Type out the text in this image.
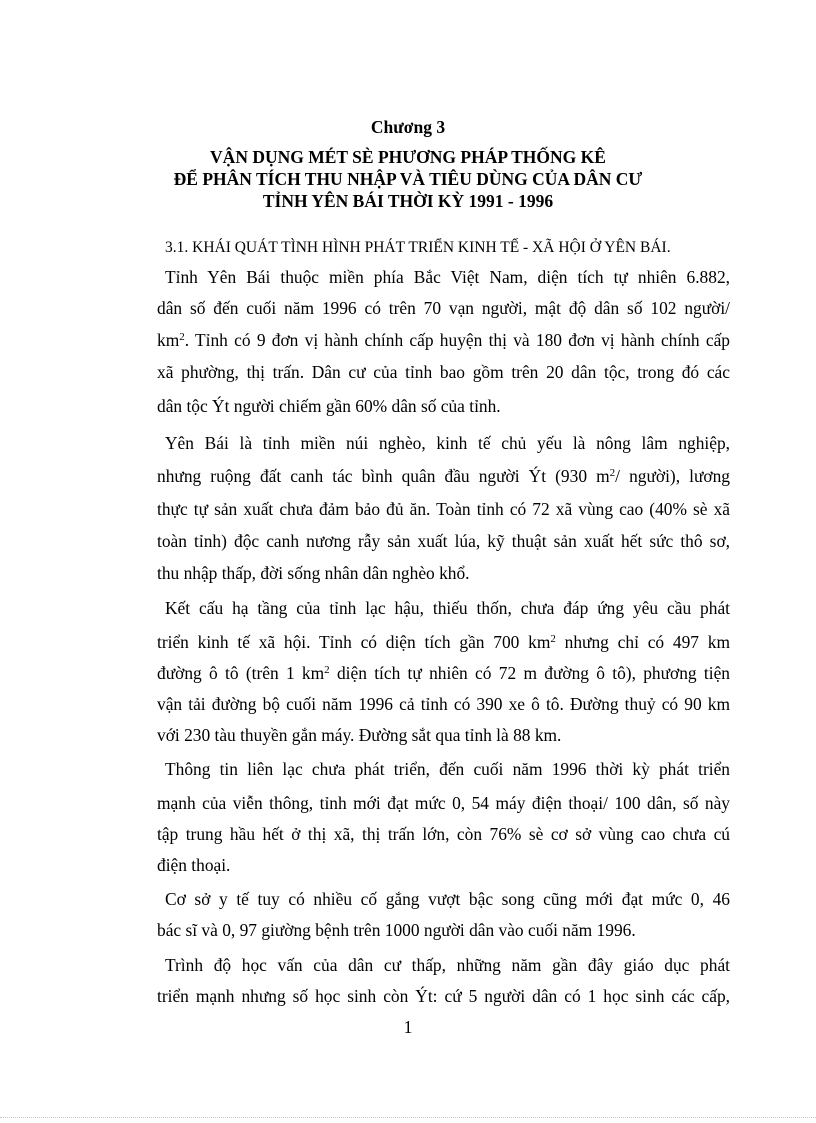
Chương 3
VẬN DỤNG MÉT SÈ PHƯƠNG PHÁP THỐNG KÊ
ĐỂ PHÂN TÍCH THU NHẬP VÀ TIÊU DÙNG CỦA DÂN CƯ
TỈNH YÊN BÁI THỜI KỲ 1991 - 1996
3.1. KHÁI QUÁT TÌNH HÌNH PHÁT TRIỂN KINH TẾ - XÃ HỘI Ở YÊN BÁI.
Tỉnh Yên Bái thuộc miền phía Bắc Việt Nam, diện tích tự nhiên 6.882,
dân số đến cuối năm 1996 có trên 70 vạn người, mật độ dân số 102 người/
$km^2$. Tỉnh có 9 đơn vị hành chính cấp huyện thị và 180 đơn vị hành chính cấp
xã phường, thị trấn. Dân cư của tỉnh bao gồm trên 20 dân tộc, trong đó các
dân tộc Ýt người chiếm gần 60% dân số của tỉnh.
Yên Bái là tỉnh miền núi nghèo, kinh tế chủ yếu là nông lâm nghiệp,
nhưng ruộng đất canh tác bình quân đầu người Ýt (930 $m^2/$ người), lương
thực tự sản xuất chưa đảm bảo đủ ăn. Toàn tỉnh có 72 xã vùng cao (40% sè xã
toàn tỉnh) độc canh nương rẫy sản xuất lúa, kỹ thuật sản xuất hết sức thô sơ,
thu nhập thấp, đời sống nhân dân nghèo khổ.
Kết cấu hạ tầng của tỉnh lạc hậu, thiếu thốn, chưa đáp ứng yêu cầu phát
triển kinh tế xã hội. Tỉnh có diện tích gần 700 $km^2$ nhưng chỉ có 497 km
đường ô tô (trên 1 $km^2$ diện tích tự nhiên có 72 m đường ô tô), phương tiện
vận tải đường bộ cuối năm 1996 cả tỉnh có 390 xe ô tô. Đường thuỷ có 90 km
với 230 tàu thuyền gắn máy. Đường sắt qua tỉnh là 88 km.
Thông tin liên lạc chưa phát triển, đến cuối năm 1996 thời kỳ phát triển
mạnh của viễn thông, tỉnh mới đạt mức 0, 54 máy điện thoại/ 100 dân, số này
tập trung hầu hết ở thị xã, thị trấn lớn, còn 76% sè cơ sở vùng cao chưa cú
điện thoại.
Cơ sở y tế tuy có nhiều cố gắng vượt bậc song cũng mới đạt mức 0, 46
bác sĩ và 0, 97 giường bệnh trên 1000 người dân vào cuối năm 1996.
Trình độ học vấn của dân cư thấp, những năm gần đây giáo dục phát
triển mạnh nhưng số học sinh còn Ýt: cứ 5 người dân có 1 học sinh các cấp,
1
